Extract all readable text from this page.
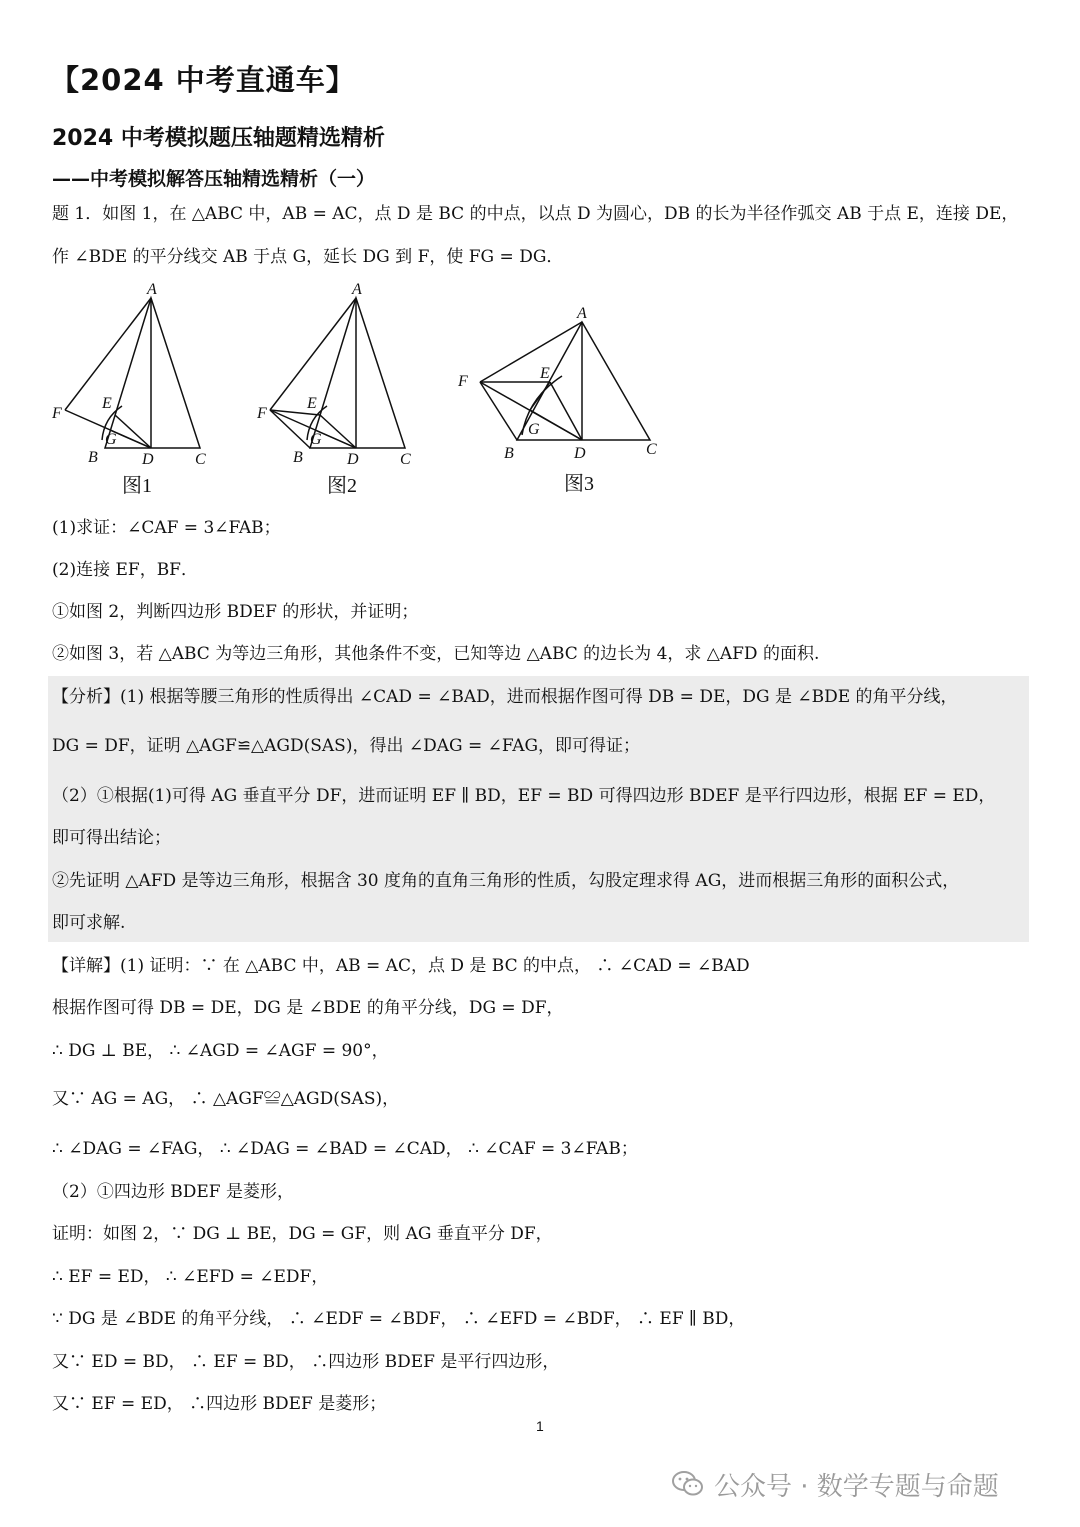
【2024 中考直通车】
2024 中考模拟题压轴题精选精析
——中考模拟解答压轴精选精析（一）
题 1．如图 1，在 △ABC 中，AB = AC，点 D 是 BC 的中点，以点 D 为圆心，DB 的长为半径作弧交 AB 于点 E，连接 DE，
作 ∠BDE 的平分线交 AB 于点 G，延长 DG 到 F，使 FG = DG．
A
F
E
G
B	D	C
A
F
E
G
B	D	C
A
F	E
G
B	D	C
图1	图2	图3
(1)求证：∠CAF = 3∠FAB；
(2)连接 EF，BF．
①如图 2，判断四边形 BDEF 的形状，并证明；
②如图 3，若 △ABC 为等边三角形，其他条件不变，已知等边 △ABC 的边长为 4，求 △AFD 的面积.
【分析】(1) 根据等腰三角形的性质得出 ∠CAD = ∠BAD，进而根据作图可得 DB = DE，DG 是 ∠BDE 的角平分线，
DG = DF，证明 △AGF≌△AGD(SAS)，得出 ∠DAG = ∠FAG，即可得证；
（2）①根据(1)可得 AG 垂直平分 DF，进而证明 EF ∥ BD，EF = BD 可得四边形 BDEF 是平行四边形，根据 EF = ED，
即可得出结论；
②先证明 △AFD 是等边三角形，根据含 30 度角的直角三角形的性质，勾股定理求得 AG，进而根据三角形的面积公式，
即可求解.
【详解】(1) 证明：∵ 在 △ABC 中，AB = AC，点 D 是 BC 的中点， ∴ ∠CAD = ∠BAD
根据作图可得 DB = DE，DG 是 ∠BDE 的角平分线，DG = DF，
∴ DG ⊥ BE， ∴ ∠AGD = ∠AGF = 90°，
又∵ AG = AG， ∴ △AGF≌△AGD(SAS)，
∴ ∠DAG = ∠FAG， ∴ ∠DAG = ∠BAD = ∠CAD， ∴ ∠CAF = 3∠FAB；
（2）①四边形 BDEF 是菱形，
证明：如图 2，∵ DG ⊥ BE，DG = GF，则 AG 垂直平分 DF，
∴ EF = ED， ∴ ∠EFD = ∠EDF，
∵ DG 是 ∠BDE 的角平分线， ∴ ∠EDF = ∠BDF， ∴ ∠EFD = ∠BDF， ∴ EF ∥ BD，
又∵ ED = BD， ∴ EF = BD， ∴四边形 BDEF 是平行四边形，
又∵ EF = ED， ∴四边形 BDEF 是菱形；
1
公众号 · 数学专题与命题
